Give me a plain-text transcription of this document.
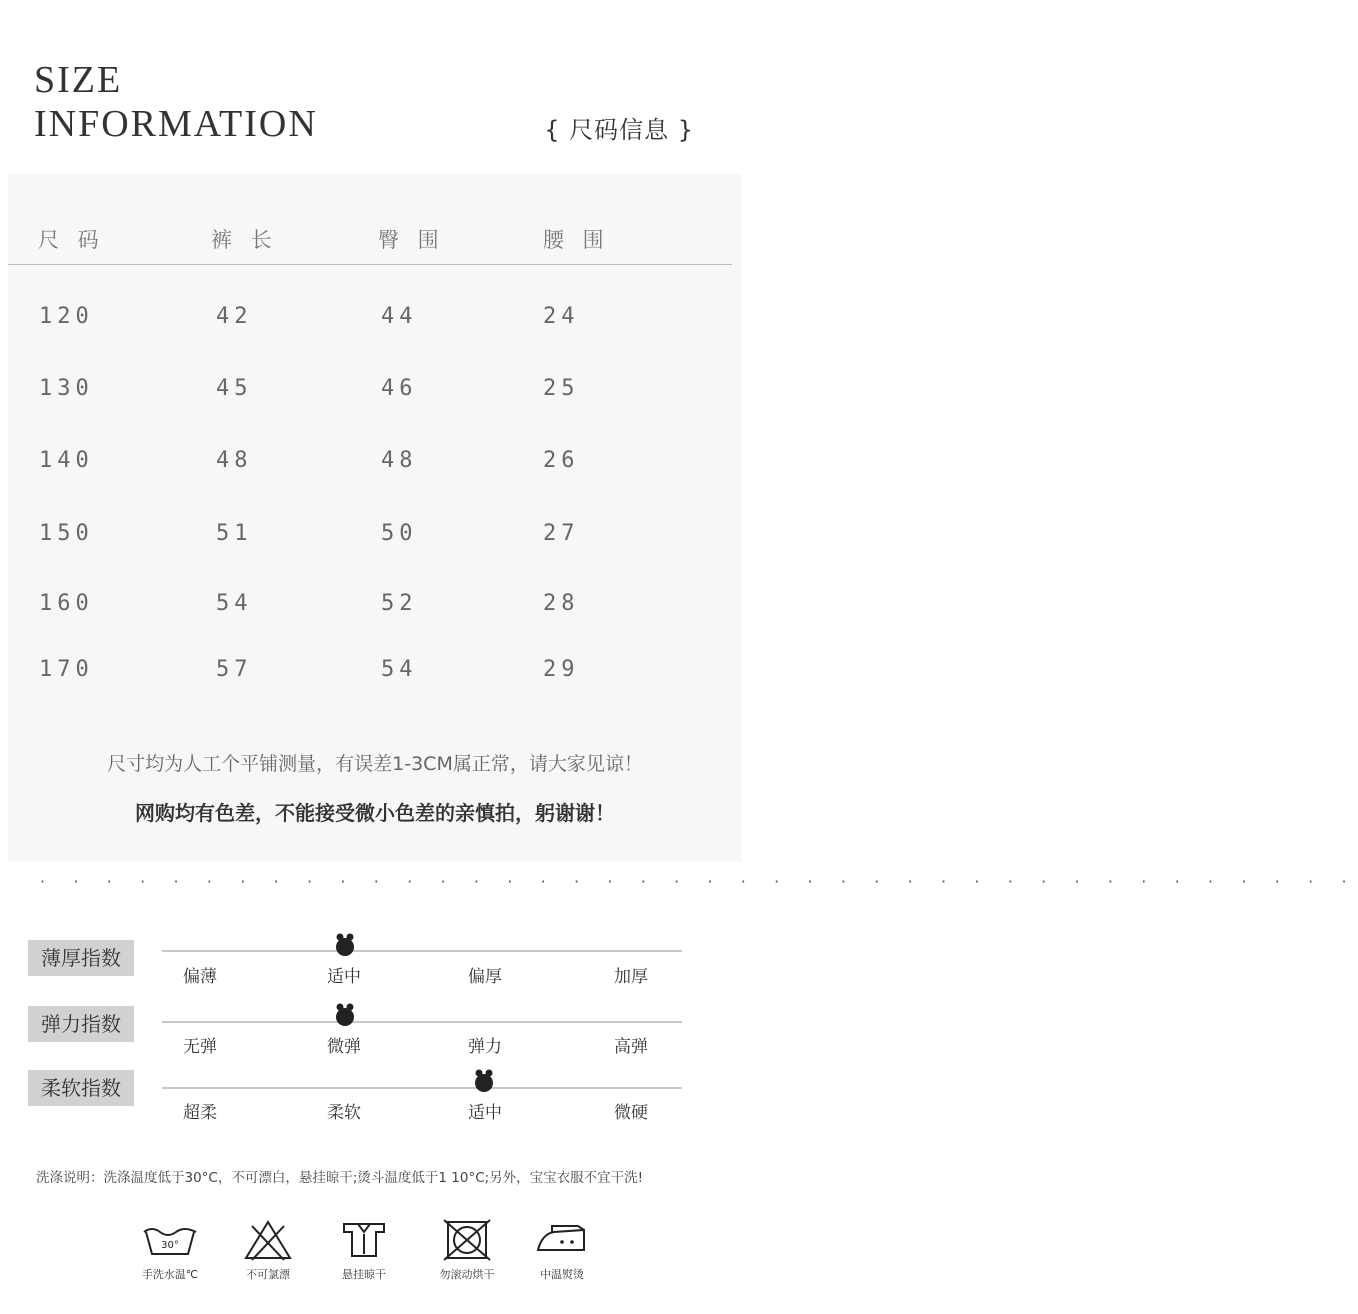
SIZE
INFORMATION	{ 尺码信息 }
尺 码	裤 长	臀 围	腰 围
120	42	44	24
130	45	46	25
140	48	48	26
150	51	50	27
160	54	52	28
170	57	54	29
尺寸均为人工个平铺测量，有误差1-3CM属正常，请大家见谅！
网购均有色差，不能接受微小色差的亲慎拍，躬谢谢！
· · · · · · · · · · · · · · · · · · · · · · · · · · · · · · · · · · · · · · · ·
薄厚指数
偏薄	适中	偏厚	加厚
弹力指数
无弹	微弹	弹力	高弹
柔软指数
超柔	柔软	适中	微硬
洗涤说明：洗涤温度低于30°C，不可漂白，悬挂晾干;烫斗温度低于1 10°C;另外，宝宝衣服不宜干洗!
30°
手洗水温℃	不可氯漂	悬挂晾干	勿滚动烘干	中温熨烫
